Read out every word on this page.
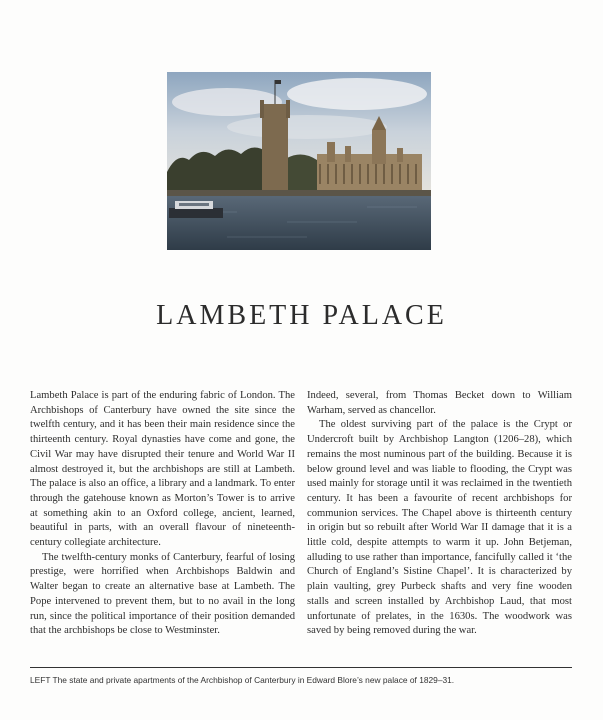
LAMBETH PALACE

Lambeth Palace is part of the enduring fabric of London. The Archbishops of Canterbury have owned the site since the twelfth century, and it has been their main residence since the thirteenth century. Royal dynasties have come and gone, the Civil War may have disrupted their tenure and World War II almost destroyed it, but the archbishops are still at Lambeth. The palace is also an office, a library and a landmark. To enter through the gatehouse known as Morton’s Tower is to arrive at something akin to an Oxford college, ancient, learned, beautiful in parts, with an overall flavour of nineteenth-century collegiate architecture.

The twelfth-century monks of Canterbury, fearful of losing prestige, were horrified when Archbishops Baldwin and Walter began to create an alternative base at Lambeth. The Pope intervened to prevent them, but to no avail in the long run, since the political importance of their position demanded that the archbishops be close to Westminster.

Indeed, several, from Thomas Becket down to William Warham, served as chancellor.

The oldest surviving part of the palace is the Crypt or Undercroft built by Archbishop Langton (1206–28), which remains the most numinous part of the building. Because it is below ground level and was liable to flooding, the Crypt was used mainly for storage until it was reclaimed in the twentieth century. It has been a favourite of recent archbishops for communion services. The Chapel above is thirteenth century in origin but so rebuilt after World War II damage that it is a little cold, despite attempts to warm it up. John Betjeman, alluding to use rather than importance, fancifully called it ‘the Church of England’s Sistine Chapel’. It is characterized by plain vaulting, grey Purbeck shafts and very fine wooden stalls and screen installed by Archbishop Laud, that most unfortunate of prelates, in the 1630s. The woodwork was saved by being removed during the war.

LEFT The state and private apartments of the Archbishop of Canterbury in Edward Blore’s new palace of 1829–31.
